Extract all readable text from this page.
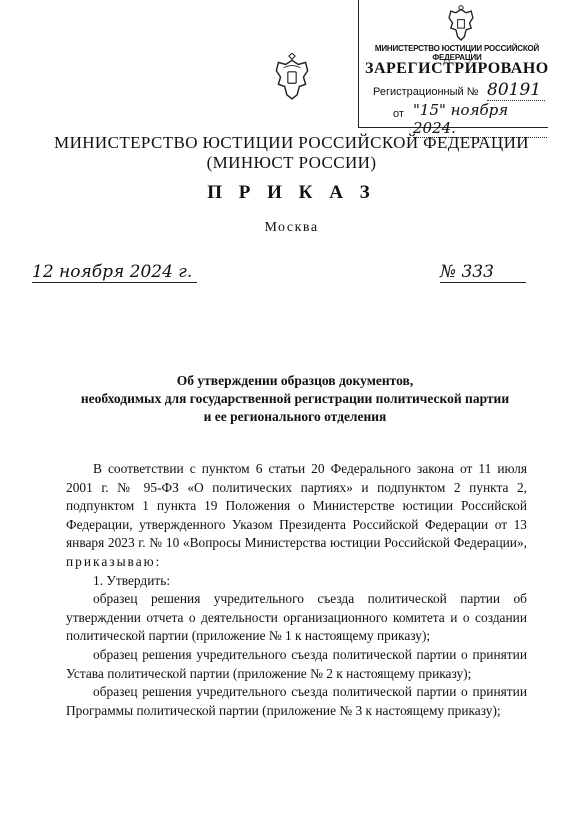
МИНИСТЕРСТВО ЮСТИЦИИ РОССИЙСКОЙ ФЕДЕРАЦИИ
ЗАРЕГИСТРИРОВАНО
Регистрационный № 80191
от "15" ноября 2024.
МИНИСТЕРСТВО ЮСТИЦИИ РОССИЙСКОЙ ФЕДЕРАЦИИ
(МИНЮСТ РОССИИ)
П Р И К А З
Москва
12 ноября 2024 г.	№ 333
Об утверждении образцов документов,
необходимых для государственной регистрации политической партии
и ее регионального отделения

В соответствии с пунктом 6 статьи 20 Федерального закона от 11 июля 2001 г. № 95-ФЗ «О политических партиях» и подпунктом 2 пункта 2, подпунктом 1 пункта 19 Положения о Министерстве юстиции Российской Федерации, утвержденного Указом Президента Российской Федерации от 13 января 2023 г. № 10 «Вопросы Министерства юстиции Российской Федерации», приказываю:

1. Утвердить:

образец решения учредительного съезда политической партии об утверждении отчета о деятельности организационного комитета и о создании политической партии (приложение № 1 к настоящему приказу);

образец решения учредительного съезда политической партии о принятии Устава политической партии (приложение № 2 к настоящему приказу);

образец решения учредительного съезда политической партии о принятии Программы политической партии (приложение № 3 к настоящему приказу);
